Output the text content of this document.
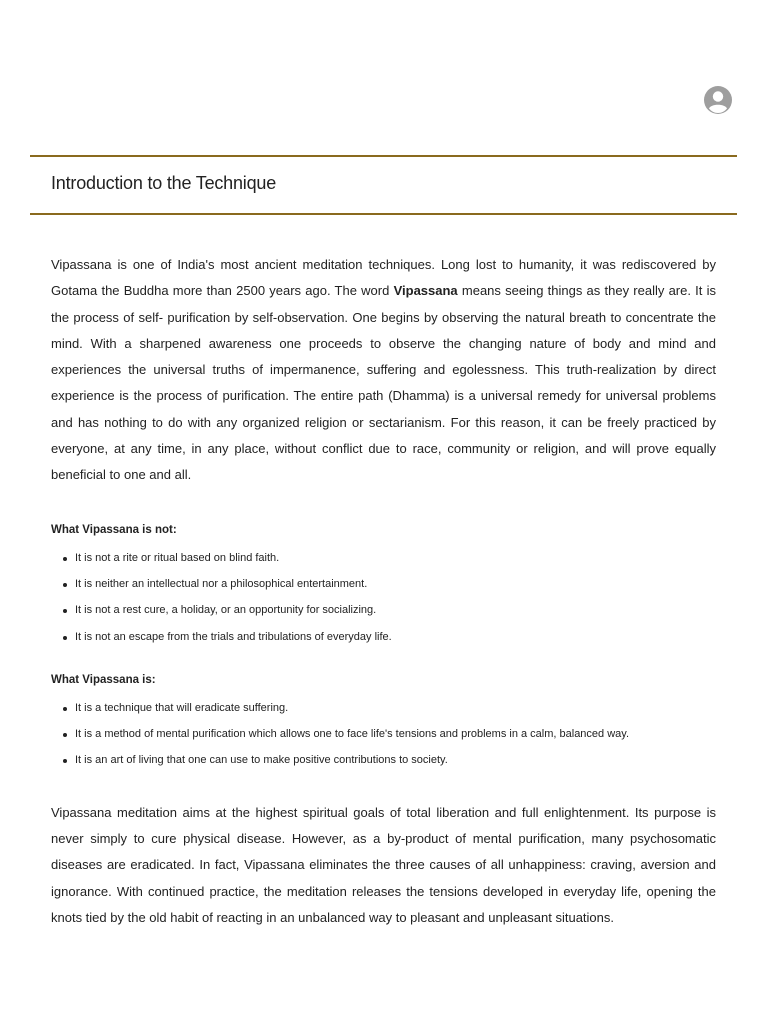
Introduction to the Technique

Vipassana is one of India's most ancient meditation techniques. Long lost to humanity, it was rediscovered by Gotama the Buddha more than 2500 years ago. The word Vipassana means seeing things as they really are. It is the process of self- purification by self-observation. One begins by observing the natural breath to concentrate the mind. With a sharpened awareness one proceeds to observe the changing nature of body and mind and experiences the universal truths of impermanence, suffering and egolessness. This truth-realization by direct experience is the process of purification. The entire path (Dhamma) is a universal remedy for universal problems and has nothing to do with any organized religion or sectarianism. For this reason, it can be freely practiced by everyone, at any time, in any place, without conflict due to race, community or religion, and will prove equally beneficial to one and all.

What Vipassana is not:

It is not a rite or ritual based on blind faith.
It is neither an intellectual nor a philosophical entertainment.
It is not a rest cure, a holiday, or an opportunity for socializing.
It is not an escape from the trials and tribulations of everyday life.

What Vipassana is:

It is a technique that will eradicate suffering.
It is a method of mental purification which allows one to face life's tensions and problems in a calm, balanced way.
It is an art of living that one can use to make positive contributions to society.

Vipassana meditation aims at the highest spiritual goals of total liberation and full enlightenment. Its purpose is never simply to cure physical disease. However, as a by-product of mental purification, many psychosomatic diseases are eradicated. In fact, Vipassana eliminates the three causes of all unhappiness: craving, aversion and ignorance. With continued practice, the meditation releases the tensions developed in everyday life, opening the knots tied by the old habit of reacting in an unbalanced way to pleasant and unpleasant situations.
